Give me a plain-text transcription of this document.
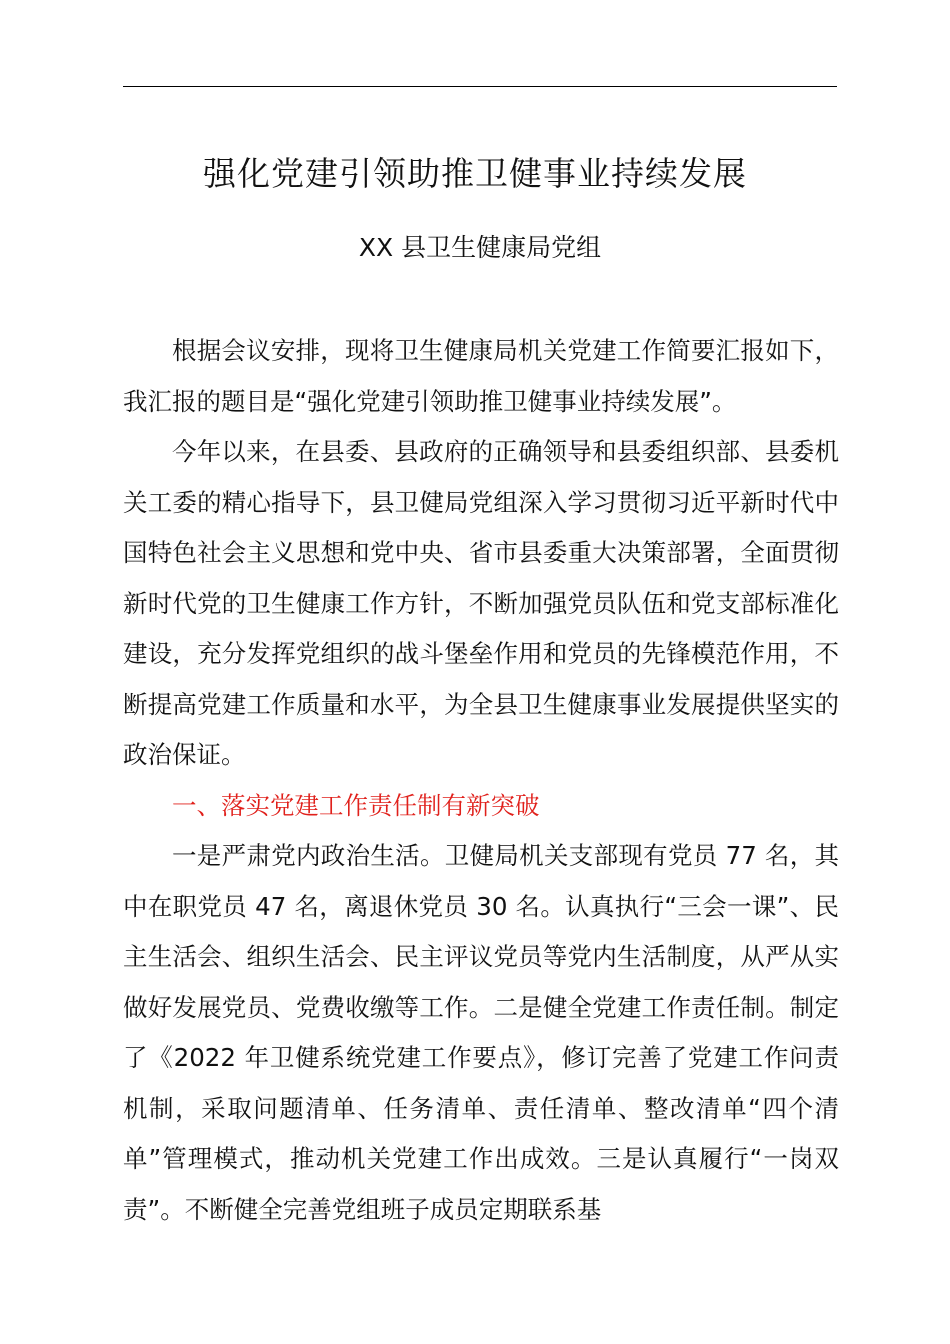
强化党建引领助推卫健事业持续发展
XX 县卫生健康局党组

根据会议安排，现将卫生健康局机关党建工作简要汇报如下，我汇报的题目是“强化党建引领助推卫健事业持续发展”。

今年以来，在县委、县政府的正确领导和县委组织部、县委机关工委的精心指导下，县卫健局党组深入学习贯彻习近平新时代中国特色社会主义思想和党中央、省市县委重大决策部署，全面贯彻新时代党的卫生健康工作方针，不断加强党员队伍和党支部标准化建设，充分发挥党组织的战斗堡垒作用和党员的先锋模范作用，不断提高党建工作质量和水平，为全县卫生健康事业发展提供坚实的政治保证。

一、落实党建工作责任制有新突破

一是严肃党内政治生活。卫健局机关支部现有党员 77 名，其中在职党员 47 名，离退休党员 30 名。认真执行“三会一课”、民主生活会、组织生活会、民主评议党员等党内生活制度，从严从实做好发展党员、党费收缴等工作。二是健全党建工作责任制。制定了《2022 年卫健系统党建工作要点》，修订完善了党建工作问责机制，采取问题清单、任务清单、责任清单、整改清单“四个清单”管理模式，推动机关党建工作出成效。三是认真履行“一岗双责”。不断健全完善党组班子成员定期联系基
